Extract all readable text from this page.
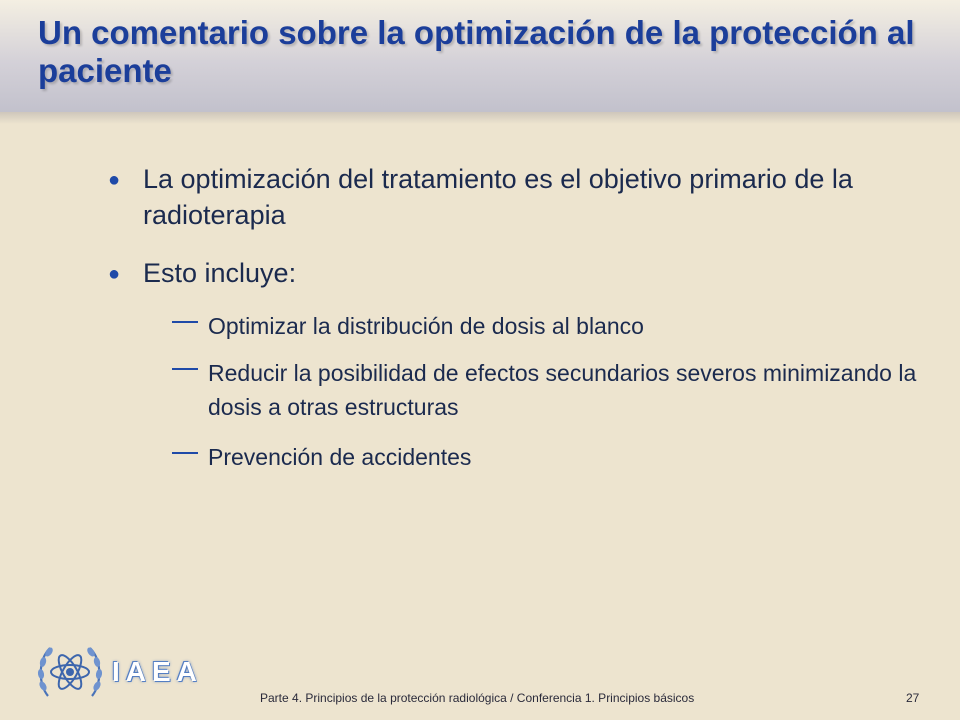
Un comentario sobre la optimización de la protección al paciente
● La optimización del tratamiento es el objetivo primario de la radioterapia
● Esto incluye:
Optimizar la distribución de dosis al blanco
Reducir la posibilidad de efectos secundarios severos minimizando la dosis a otras estructuras
Prevención de accidentes
IAEA
Parte 4. Principios de la protección radiológica / Conferencia 1. Principios básicos	27
